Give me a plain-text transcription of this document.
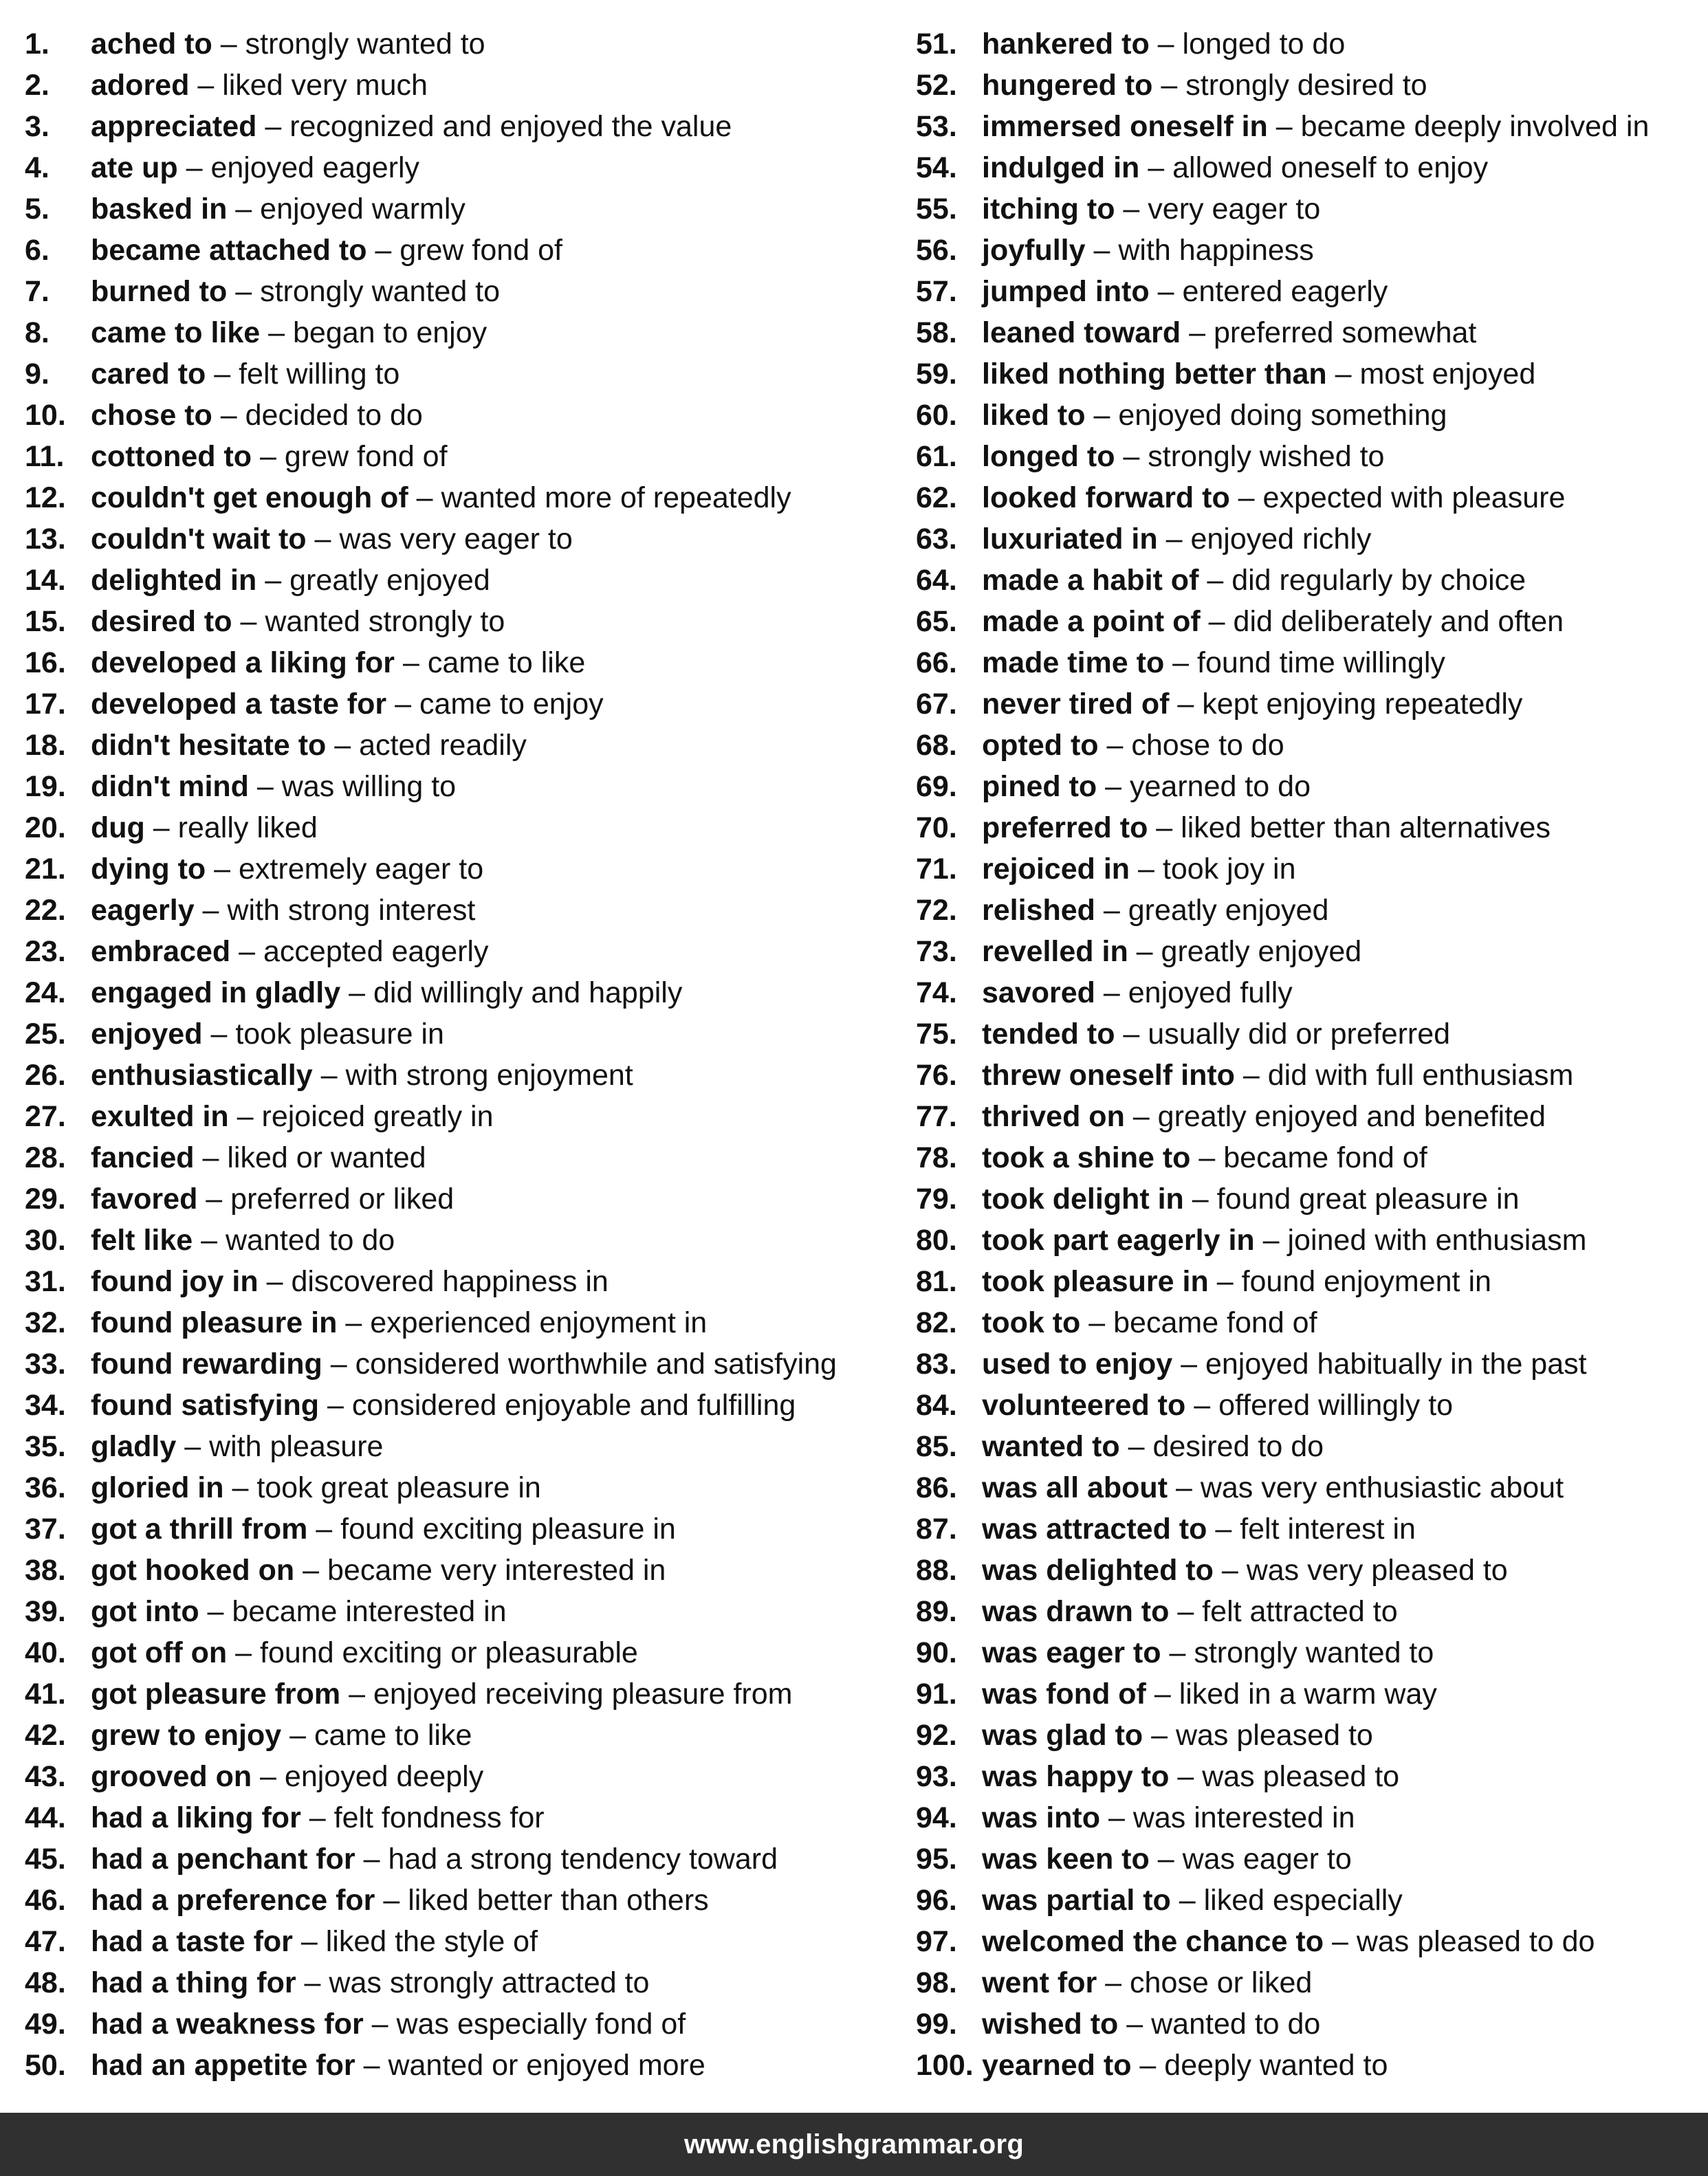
1.	ached to – strongly wanted to
2.	adored – liked very much
3.	appreciated – recognized and enjoyed the value
4.	ate up – enjoyed eagerly
5.	basked in – enjoyed warmly
6.	became attached to – grew fond of
7.	burned to – strongly wanted to
8.	came to like – began to enjoy
9.	cared to – felt willing to
10. chose to – decided to do
11. cottoned to – grew fond of
12. couldn't get enough of – wanted more of repeatedly
13. couldn't wait to – was very eager to
14. delighted in – greatly enjoyed
15. desired to – wanted strongly to
16. developed a liking for – came to like
17. developed a taste for – came to enjoy
18. didn't hesitate to – acted readily
19. didn't mind – was willing to
20. dug – really liked
21. dying to – extremely eager to
22. eagerly – with strong interest
23. embraced – accepted eagerly
24. engaged in gladly – did willingly and happily
25. enjoyed – took pleasure in
26. enthusiastically – with strong enjoyment
27. exulted in – rejoiced greatly in
28. fancied – liked or wanted
29. favored – preferred or liked
30. felt like – wanted to do
31. found joy in – discovered happiness in
32. found pleasure in – experienced enjoyment in
33. found rewarding – considered worthwhile and satisfying
34. found satisfying – considered enjoyable and fulfilling
35. gladly – with pleasure
36. gloried in – took great pleasure in
37. got a thrill from – found exciting pleasure in
38. got hooked on – became very interested in
39. got into – became interested in
40. got off on – found exciting or pleasurable
41. got pleasure from – enjoyed receiving pleasure from
42. grew to enjoy – came to like
43. grooved on – enjoyed deeply
44. had a liking for – felt fondness for
45. had a penchant for – had a strong tendency toward
46. had a preference for – liked better than others
47. had a taste for – liked the style of
48. had a thing for – was strongly attracted to
49. had a weakness for – was especially fond of
50. had an appetite for – wanted or enjoyed more
51. hankered to – longed to do
52. hungered to – strongly desired to
53. immersed oneself in – became deeply involved in
54. indulged in – allowed oneself to enjoy
55. itching to – very eager to
56. joyfully – with happiness
57. jumped into – entered eagerly
58. leaned toward – preferred somewhat
59. liked nothing better than – most enjoyed
60. liked to – enjoyed doing something
61. longed to – strongly wished to
62. looked forward to – expected with pleasure
63. luxuriated in – enjoyed richly
64. made a habit of – did regularly by choice
65. made a point of – did deliberately and often
66. made time to – found time willingly
67. never tired of – kept enjoying repeatedly
68. opted to – chose to do
69. pined to – yearned to do
70. preferred to – liked better than alternatives
71. rejoiced in – took joy in
72. relished – greatly enjoyed
73. revelled in – greatly enjoyed
74. savored – enjoyed fully
75. tended to – usually did or preferred
76. threw oneself into – did with full enthusiasm
77. thrived on – greatly enjoyed and benefited
78. took a shine to – became fond of
79. took delight in – found great pleasure in
80. took part eagerly in – joined with enthusiasm
81. took pleasure in – found enjoyment in
82. took to – became fond of
83. used to enjoy – enjoyed habitually in the past
84. volunteered to – offered willingly to
85. wanted to – desired to do
86. was all about – was very enthusiastic about
87. was attracted to – felt interest in
88. was delighted to – was very pleased to
89. was drawn to – felt attracted to
90. was eager to – strongly wanted to
91. was fond of – liked in a warm way
92. was glad to – was pleased to
93. was happy to – was pleased to
94. was into – was interested in
95. was keen to – was eager to
96. was partial to – liked especially
97. welcomed the chance to – was pleased to do
98. went for – chose or liked
99. wished to – wanted to do
100. yearned to – deeply wanted to
www.englishgrammar.org
